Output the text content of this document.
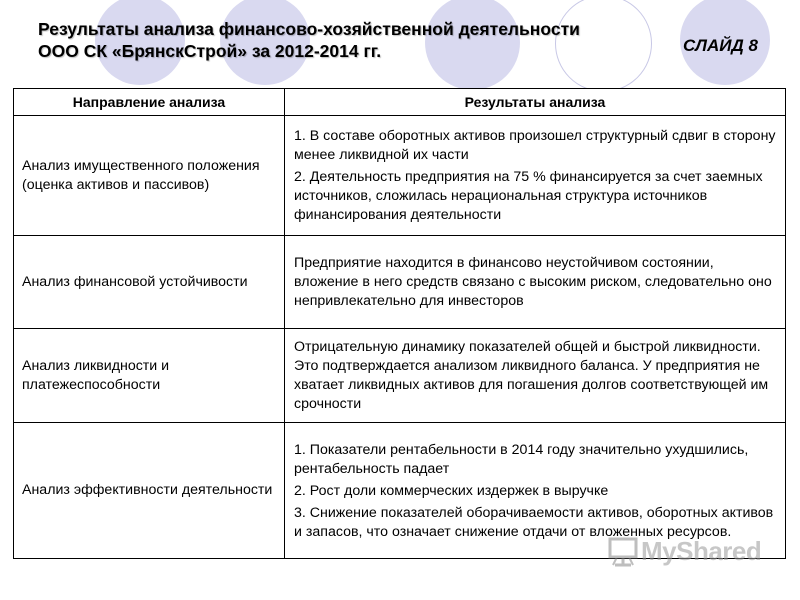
Результаты анализа финансово-хозяйственной деятельности
ООО СК «БрянскСтрой» за 2012-2014 гг.	СЛАЙД 8
Направление анализа	Результаты анализа
Анализ имущественного положения (оценка активов и пассивов)	1. В составе оборотных активов произошел структурный сдвиг в сторону менее ликвидной их части

2. Деятельность предприятия на 75 % финансируется за счет заемных источников, сложилась нерациональная структура источников финансирования деятельности

Анализ финансовой устойчивости	Предприятие находится в финансово неустойчивом состоянии, вложение в него средств связано с высоким риском, следовательно оно непривлекательно для инвесторов

Анализ ликвидности и платежеспособности	Отрицательную динамику показателей общей и быстрой ликвидности. Это подтверждается анализом ликвидного баланса. У предприятия не хватает ликвидных активов для погашения долгов соответствующей им срочности

Анализ эффективности деятельности	1. Показатели рентабельности в 2014 году значительно ухудшились, рентабельность падает

2. Рост доли коммерческих издержек в выручке

3. Снижение показателей оборачиваемости активов, оборотных активов и запасов, что означает снижение отдачи от вложенных ресурсов.

MyShared
